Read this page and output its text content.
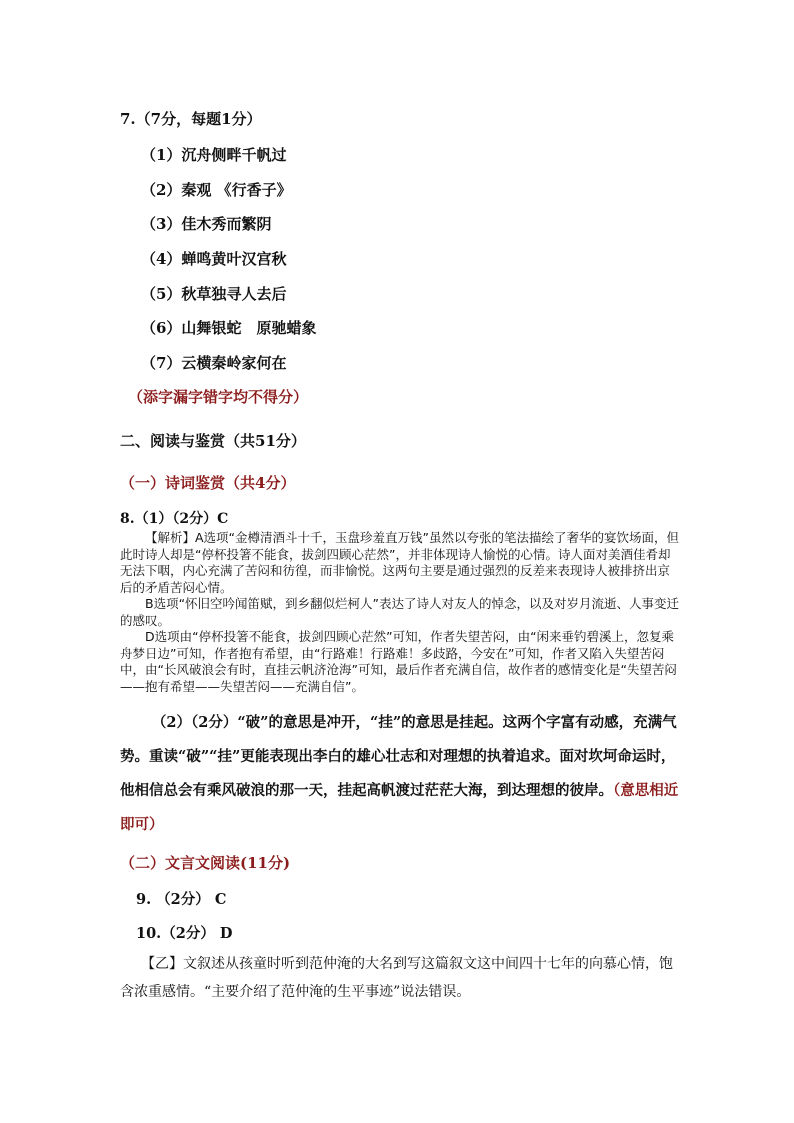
7.（7分，每题1分）
（1）沉舟侧畔千帆过
（2）秦观 《行香子》
（3）佳木秀而繁阴
（4）蝉鸣黄叶汉宫秋
（5）秋草独寻人去后
（6）山舞银蛇　原驰蜡象
（7）云横秦岭家何在
（添字漏字错字均不得分）
二、阅读与鉴赏（共51分）
（一）诗词鉴赏（共4分）
8.（1）（2分）C

【解析】A选项“金樽清酒斗十千，玉盘珍羞直万钱”虽然以夸张的笔法描绘了奢华的宴饮场面，但此时诗人却是“停杯投箸不能食，拔剑四顾心茫然”，并非体现诗人愉悦的心情。诗人面对美酒佳肴却无法下咽，内心充满了苦闷和彷徨，而非愉悦。这两句主要是通过强烈的反差来表现诗人被排挤出京后的矛盾苦闷心情。

B选项“怀旧空吟闻笛赋，到乡翻似烂柯人”表达了诗人对友人的悼念，以及对岁月流逝、人事变迁的感叹。

D选项由“停杯投箸不能食，拔剑四顾心茫然”可知，作者失望苦闷，由“闲来垂钓碧溪上，忽复乘舟梦日边”可知，作者抱有希望，由“行路难！行路难！多歧路，今安在”可知，作者又陷入失望苦闷中，由“长风破浪会有时，直挂云帆济沧海”可知，最后作者充满自信，故作者的感情变化是“失望苦闷——抱有希望——失望苦闷——充满自信”。

（2）（2分）“破”的意思是冲开，“挂”的意思是挂起。这两个字富有动感，充满气势。重读“破”“挂”更能表现出李白的雄心壮志和对理想的执着追求。面对坎坷命运时，他相信总会有乘风破浪的那一天，挂起高帆渡过茫茫大海，到达理想的彼岸。（意思相近即可）
（二）文言文阅读(11分)
9. （2分） C
10.（2分） D

【乙】文叙述从孩童时听到范仲淹的大名到写这篇叙文这中间四十七年的向慕心情，饱含浓重感情。“主要介绍了范仲淹的生平事迹”说法错误。
